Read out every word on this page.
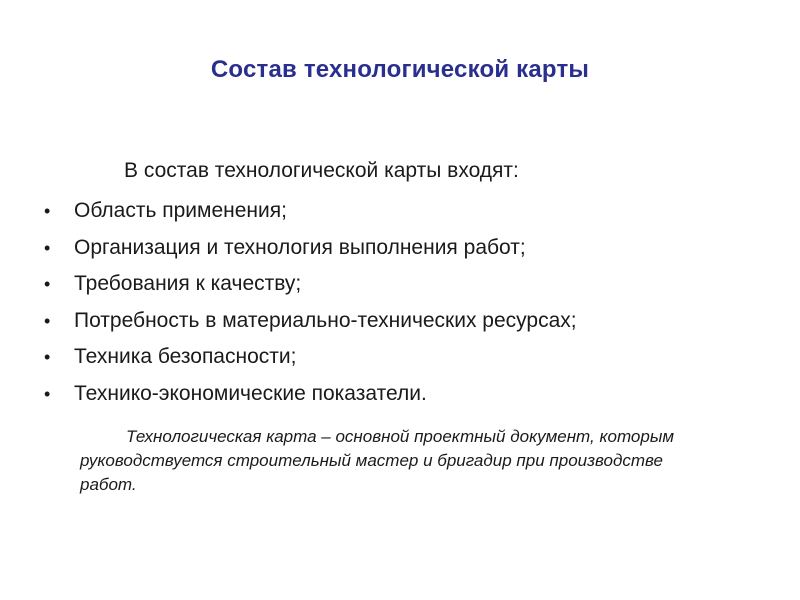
Состав технологической карты
В состав технологической карты входят:
• Область применения;
• Организация и технология выполнения работ;
• Требования к качеству;
• Потребность в материально-технических ресурсах;
• Техника безопасности;
• Технико-экономические показатели.
Технологическая карта – основной проектный документ, которым руководствуется строительный мастер и бригадир при производстве работ.
